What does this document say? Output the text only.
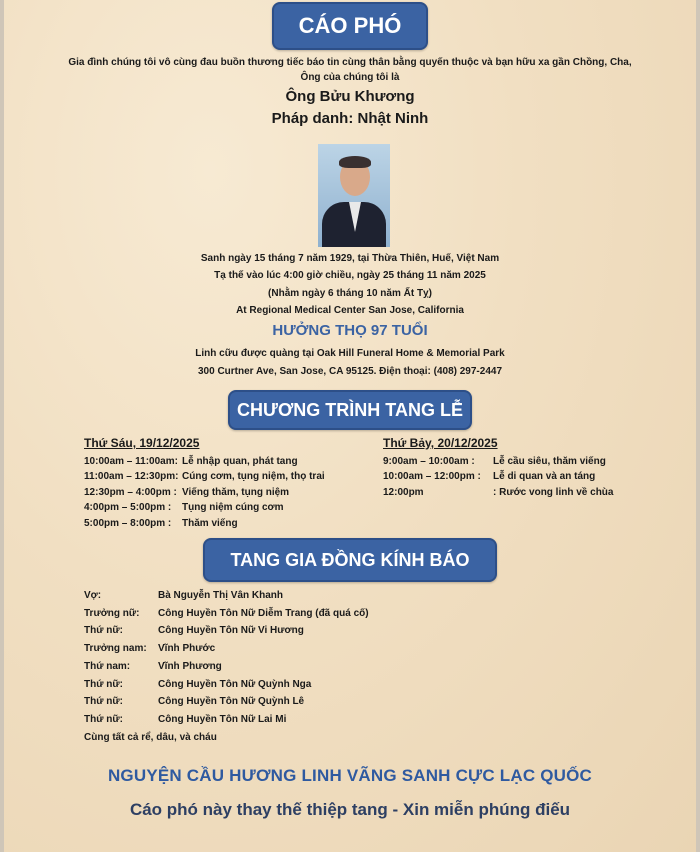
CÁO PHÓ
Gia đình chúng tôi vô cùng đau buồn thương tiếc báo tin cùng thân bằng quyến thuộc và bạn hữu xa gần Chồng, Cha, Ông của chúng tôi là
Ông Bửu Khương
Pháp danh: Nhật Ninh
Sanh ngày 15 tháng 7 năm 1929, tại Thừa Thiên, Huế, Việt Nam
Tạ thế vào lúc 4:00 giờ chiều, ngày 25 tháng 11 năm 2025
(Nhằm ngày 6 tháng 10 năm Ất Tỵ)
At Regional Medical Center San Jose, California
HƯỞNG THỌ 97 TUỔI
Linh cữu được quàng tại Oak Hill Funeral Home & Memorial Park
300 Curtner Ave, San Jose, CA 95125. Điện thoại: (408) 297-2447
CHƯƠNG TRÌNH TANG LỄ
Thứ Sáu, 19/12/2025
10:00am – 11:00am: Lễ nhập quan, phát tang
11:00am – 12:30pm: Cúng cơm, tụng niệm, thọ trai
12:30pm – 4:00pm : Viếng thăm, tụng niệm
4:00pm – 5:00pm :	Tụng niệm cúng cơm
5:00pm – 8:00pm :	Thăm viếng
Thứ Bảy, 20/12/2025
9:00am – 10:00am :	Lễ cầu siêu, thăm viếng
10:00am – 12:00pm :	Lễ di quan và an táng
12:00pm	: Rước vong linh về chùa
TANG GIA ĐỒNG KÍNH BÁO
Vợ:	Bà Nguyễn Thị Vân Khanh
Trưởng nữ: Công Huyền Tôn Nữ Diễm Trang (đã quá cố)
Thứ nữ:	Công Huyền Tôn Nữ Vi Hương
Trưởng nam: Vĩnh Phước
Thứ nam:	Vĩnh Phương
Thứ nữ:	Công Huyền Tôn Nữ Quỳnh Nga
Thứ nữ:	Công Huyền Tôn Nữ Quỳnh Lê
Thứ nữ:	Công Huyền Tôn Nữ Lai Mi
Cùng tất cả rể, dâu, và cháu
NGUYỆN CẦU HƯƠNG LINH VÃNG SANH CỰC LẠC QUỐC
Cáo phó này thay thế thiệp tang - Xin miễn phúng điếu
